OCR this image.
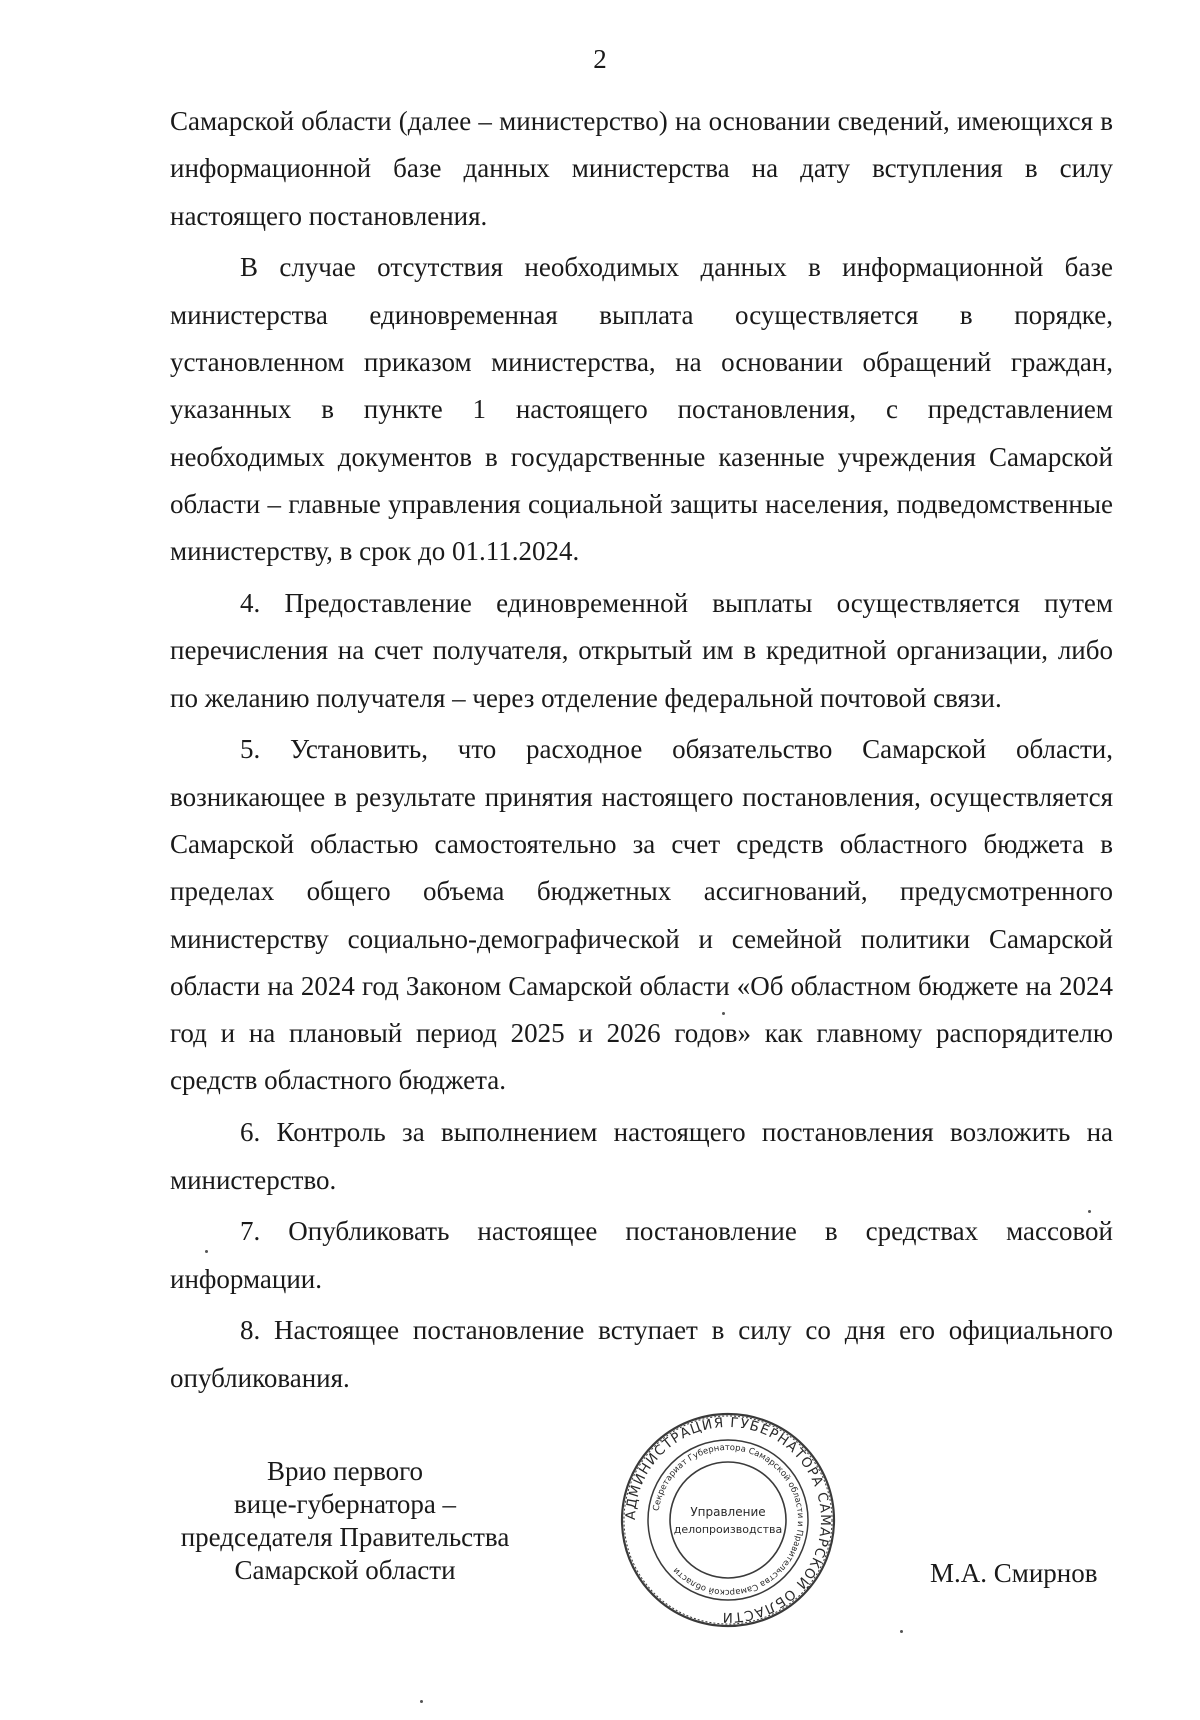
2

Самарской области (далее – министерство) на основании сведений, имеющихся в информационной базе данных министерства на дату вступления в силу настоящего постановления.

В случае отсутствия необходимых данных в информационной базе министерства единовременная выплата осуществляется в порядке, установленном приказом министерства, на основании обращений граждан, указанных в пункте 1 настоящего постановления, с представлением необходимых документов в государственные казенные учреждения Самарской области – главные управления социальной защиты населения, подведомственные министерству, в срок до 01.11.2024.

4. Предоставление единовременной выплаты осуществляется путем перечисления на счет получателя, открытый им в кредитной организации, либо по желанию получателя – через отделение федеральной почтовой связи.

5. Установить, что расходное обязательство Самарской области, возникающее в результате принятия настоящего постановления, осуществляется Самарской областью самостоятельно за счет средств областного бюджета в пределах общего объема бюджетных ассигнований, предусмотренного министерству социально-демографической и семейной политики Самарской области на 2024 год Законом Самарской области «Об областном бюджете на 2024 год и на плановый период 2025 и 2026 годов» как главному распорядителю средств областного бюджета.

6. Контроль за выполнением настоящего постановления возложить на министерство.

7. Опубликовать настоящее постановление в средствах массовой информации.

8. Настоящее постановление вступает в силу со дня его официального опубликования.

Врио первого
вице-губернатора –
председателя Правительства
Самарской области	М.А. Смирнов
АДМИНИСТРАЦИЯ ГУБЕРНАТОРА САМАРСКОЙ ОБЛАСТИ
Секретариат Губернатора Самарской области и Правительства Самарской области
Управление
делопроизводства
